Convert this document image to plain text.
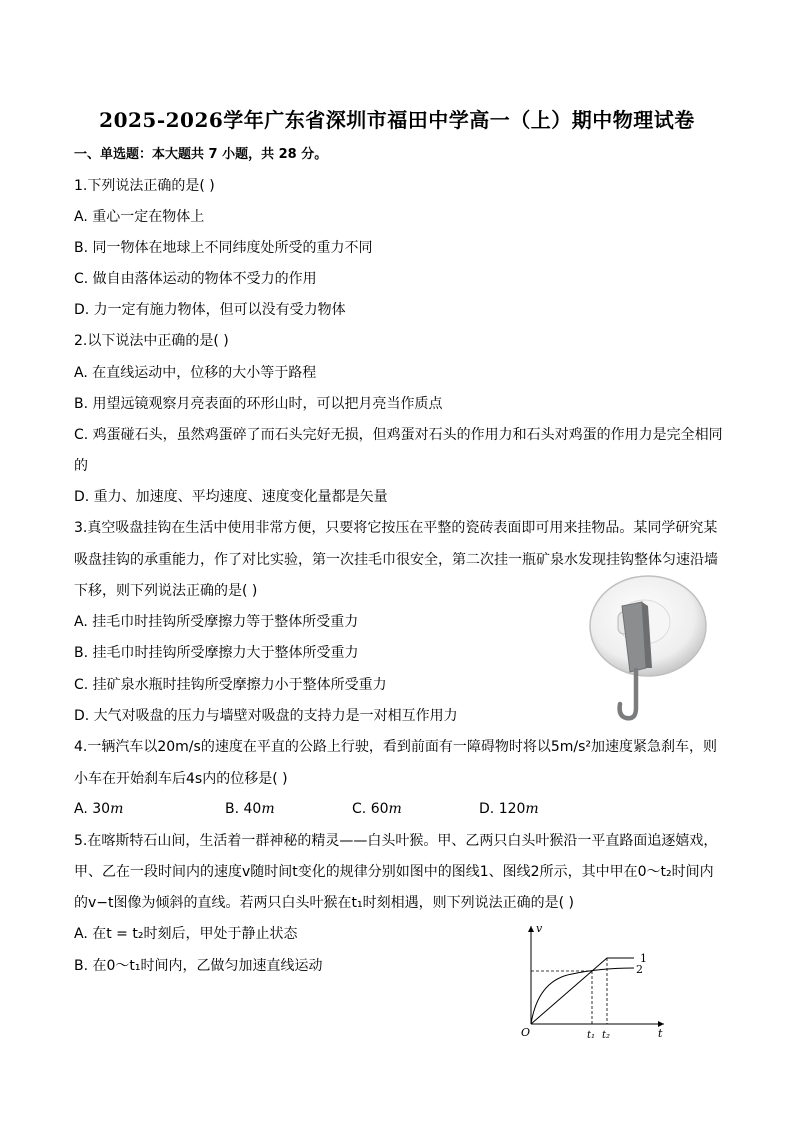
2025-2026学年广东省深圳市福田中学高一（上）期中物理试卷
一、单选题：本大题共 7 小题，共 28 分。
1.下列说法正确的是( )
A. 重心一定在物体上
B. 同一物体在地球上不同纬度处所受的重力不同
C. 做自由落体运动的物体不受力的作用
D. 力一定有施力物体，但可以没有受力物体
2.以下说法中正确的是( )
A. 在直线运动中，位移的大小等于路程
B. 用望远镜观察月亮表面的环形山时，可以把月亮当作质点
C. 鸡蛋碰石头，虽然鸡蛋碎了而石头完好无损，但鸡蛋对石头的作用力和石头对鸡蛋的作用力是完全相同
的
D. 重力、加速度、平均速度、速度变化量都是矢量
3.真空吸盘挂钩在生活中使用非常方便，只要将它按压在平整的瓷砖表面即可用来挂物品。某同学研究某
吸盘挂钩的承重能力，作了对比实验，第一次挂毛巾很安全，第二次挂一瓶矿泉水发现挂钩整体匀速沿墙
下移，则下列说法正确的是( )
A. 挂毛巾时挂钩所受摩擦力等于整体所受重力
B. 挂毛巾时挂钩所受摩擦力大于整体所受重力
C. 挂矿泉水瓶时挂钩所受摩擦力小于整体所受重力
D. 大气对吸盘的压力与墙壁对吸盘的支持力是一对相互作用力
4.一辆汽车以20m/s的速度在平直的公路上行驶，看到前面有一障碍物时将以5m/s²加速度紧急刹车，则
小车在开始刹车后4s内的位移是( )
A. 30m	B. 40m	C. 60m	D. 120m
5.在喀斯特石山间，生活着一群神秘的精灵——白头叶猴。甲、乙两只白头叶猴沿一平直路面追逐嬉戏，
甲、乙在一段时间内的速度v随时间t变化的规律分别如图中的图线1、图线2所示，其中甲在0～t₂时间内
的v−t图像为倾斜的直线。若两只白头叶猴在t₁时刻相遇，则下列说法正确的是( )
A. 在t = t₂时刻后，甲处于静止状态
B. 在0～t₁时间内，乙做匀加速直线运动
v
t
O	t₁ t₂
1
2
